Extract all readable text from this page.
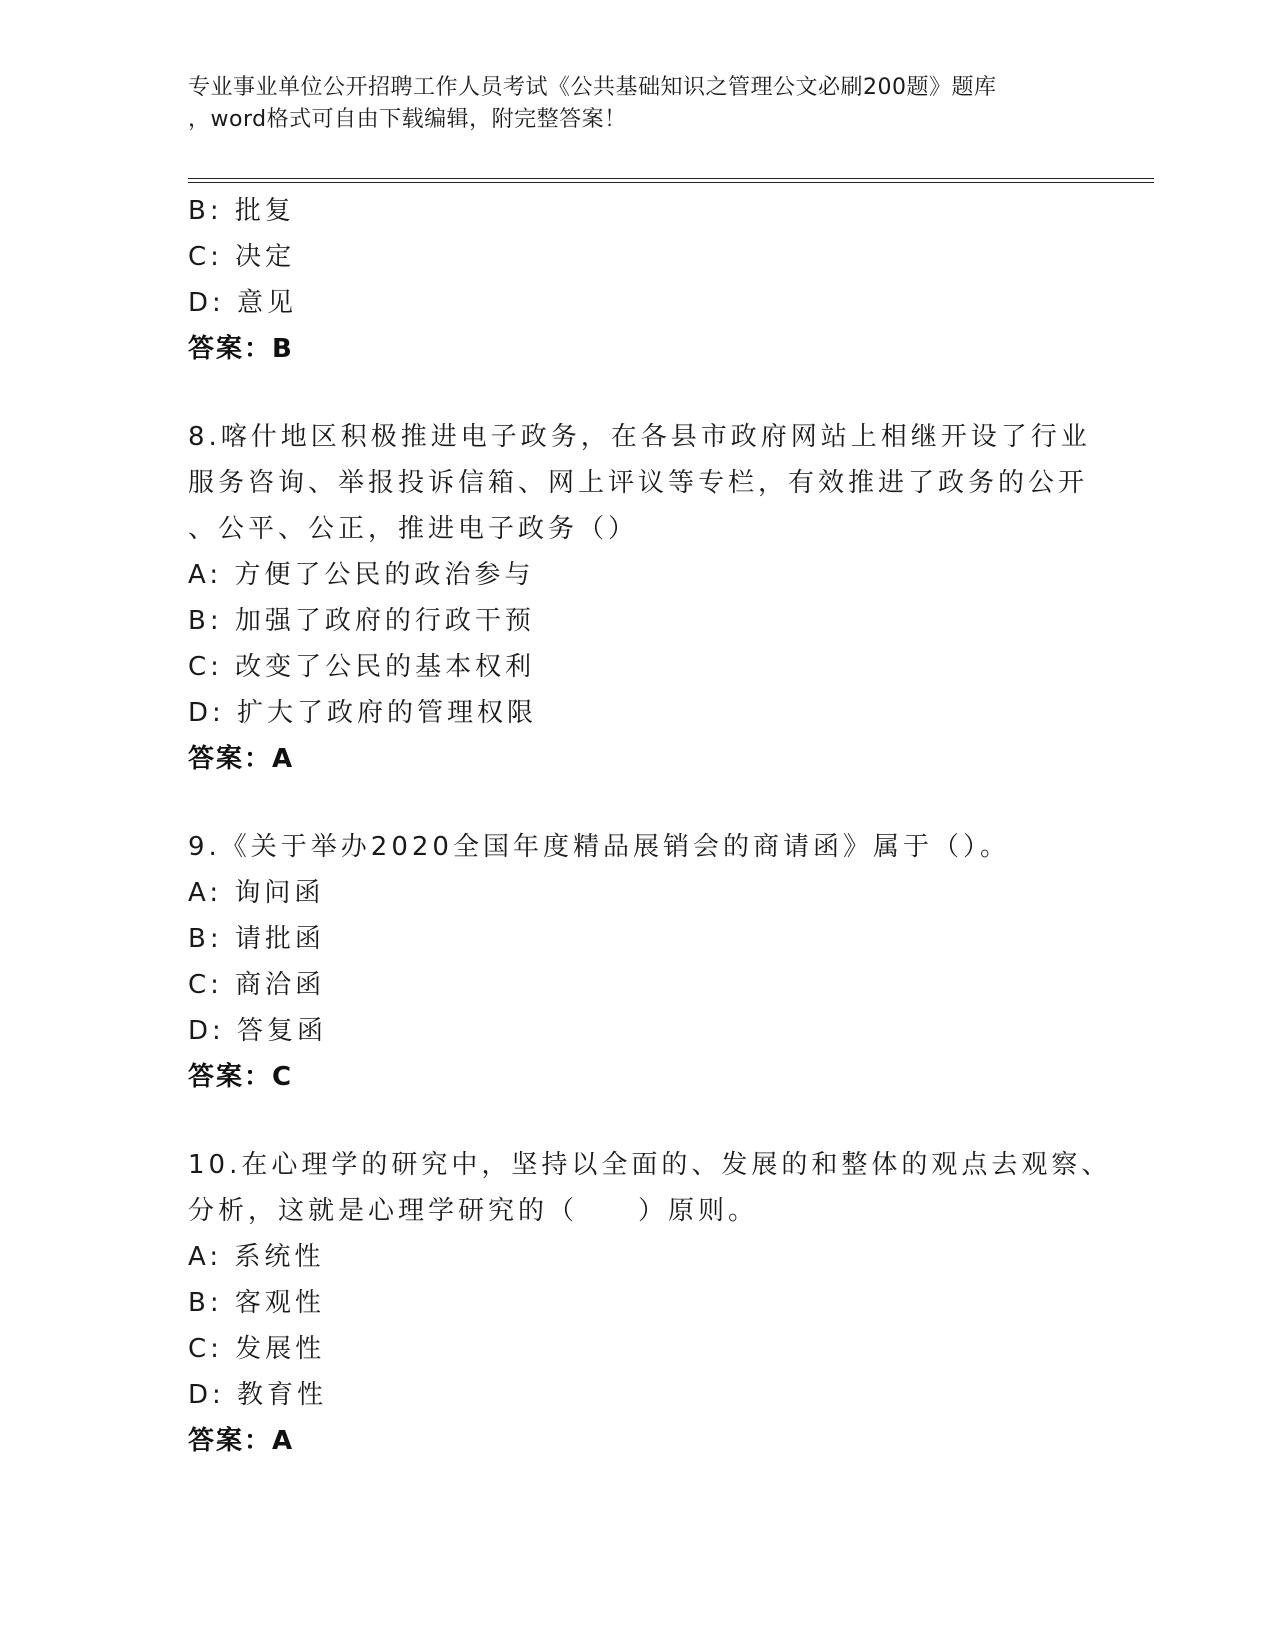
专业事业单位公开招聘工作人员考试《公共基础知识之管理公文必刷200题》题库
，word格式可自由下载编辑，附完整答案！
B: 批复
C: 决定
D: 意见
答案：B
8.喀什地区积极推进电子政务，在各县市政府网站上相继开设了行业
服务咨询、举报投诉信箱、网上评议等专栏，有效推进了政务的公开
、公平、公正，推进电子政务（）
A: 方便了公民的政治参与
B: 加强了政府的行政干预
C: 改变了公民的基本权利
D: 扩大了政府的管理权限
答案：A
9.《关于举办2020全国年度精品展销会的商请函》属于（）。
A: 询问函
B: 请批函
C: 商洽函
D: 答复函
答案：C
10.在心理学的研究中，坚持以全面的、发展的和整体的观点去观察、
分析，这就是心理学研究的（　　）原则。
A: 系统性
B: 客观性
C: 发展性
D: 教育性
答案：A
